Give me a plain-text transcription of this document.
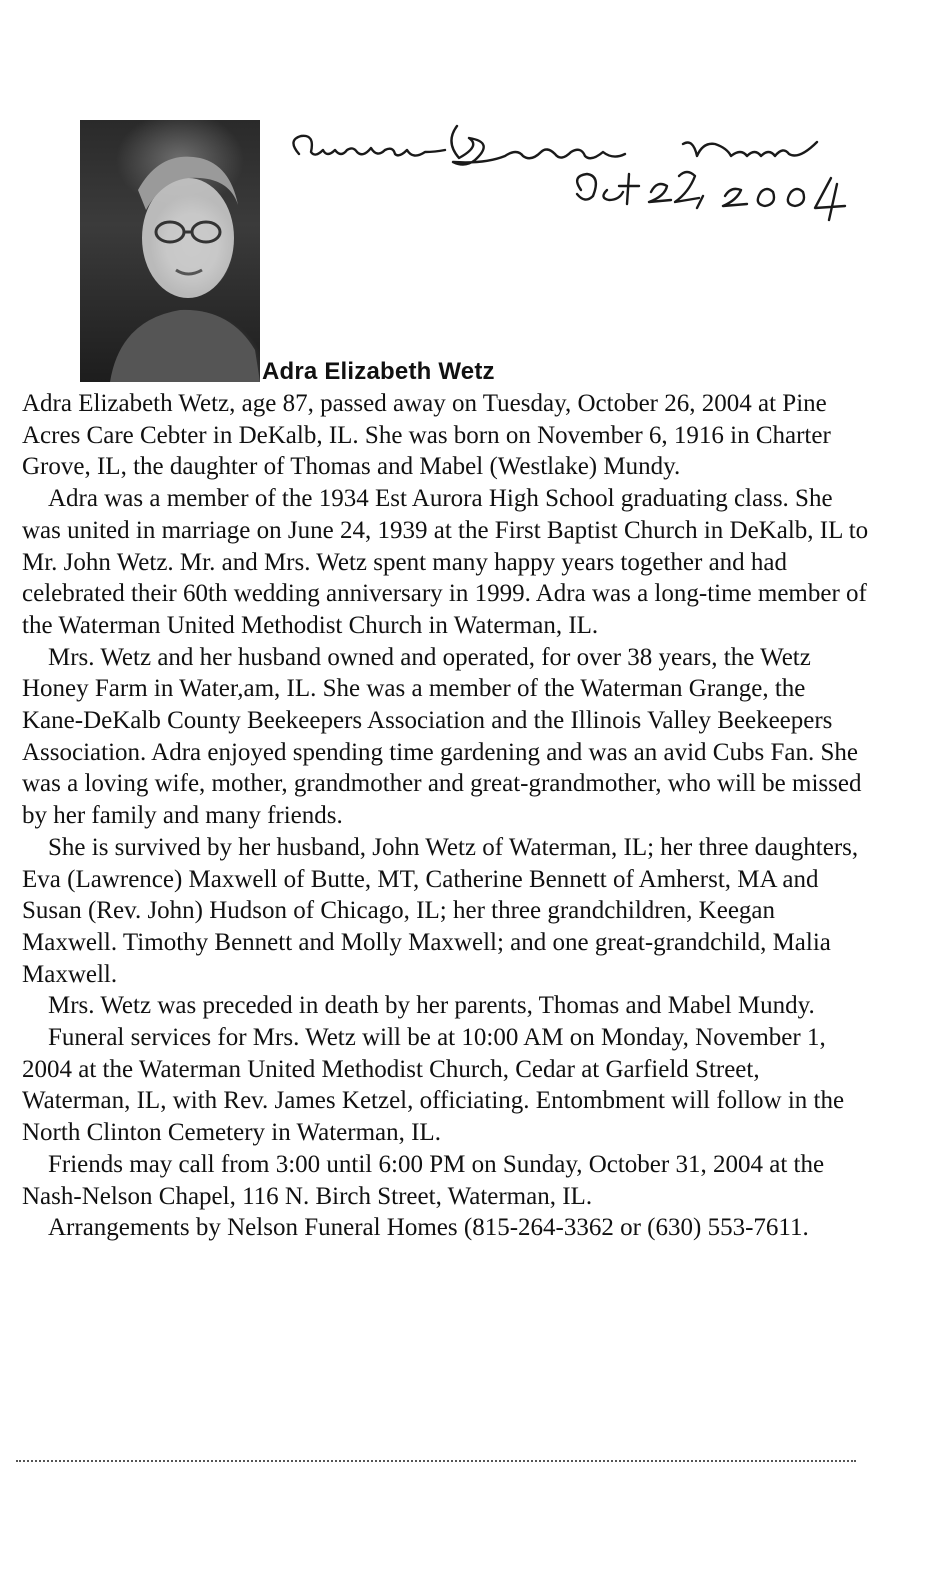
Adra Elizabeth Wetz

Adra Elizabeth Wetz, age 87, passed away on Tuesday, October 26, 2004 at Pine Acres Care Cebter in DeKalb, IL. She was born on November 6, 1916 in Charter Grove, IL, the daughter of Thomas and Mabel (Westlake) Mundy.

Adra was a member of the 1934 Est Aurora High School graduating class. She was united in marriage on June 24, 1939 at the First Baptist Church in DeKalb, IL to Mr. John Wetz. Mr. and Mrs. Wetz spent many happy years together and had celebrated their 60th wedding anniversary in 1999. Adra was a long-time member of the Waterman United Methodist Church in Waterman, IL.

Mrs. Wetz and her husband owned and operated, for over 38 years, the Wetz Honey Farm in Water,am, IL. She was a member of the Waterman Grange, the Kane-DeKalb County Beekeepers Association and the Illinois Valley Beekeepers Association. Adra enjoyed spending time gardening and was an avid Cubs Fan. She was a loving wife, mother, grandmother and great-grandmother, who will be missed by her family and many friends.

She is survived by her husband, John Wetz of Waterman, IL; her three daughters, Eva (Lawrence) Maxwell of Butte, MT, Catherine Bennett of Amherst, MA and Susan (Rev. John) Hudson of Chicago, IL; her three grandchildren, Keegan Maxwell. Timothy Bennett and Molly Maxwell; and one great-grandchild, Malia Maxwell.

Mrs. Wetz was preceded in death by her parents, Thomas and Mabel Mundy.

Funeral services for Mrs. Wetz will be at 10:00 AM on Monday, November 1, 2004 at the Waterman United Methodist Church, Cedar at Garfield Street, Waterman, IL, with Rev. James Ketzel, officiating. Entombment will follow in the North Clinton Cemetery in Waterman, IL.

Friends may call from 3:00 until 6:00 PM on Sunday, October 31, 2004 at the Nash-Nelson Chapel, 116 N. Birch Street, Waterman, IL.

Arrangements by Nelson Funeral Homes (815-264-3362 or (630) 553-7611.
